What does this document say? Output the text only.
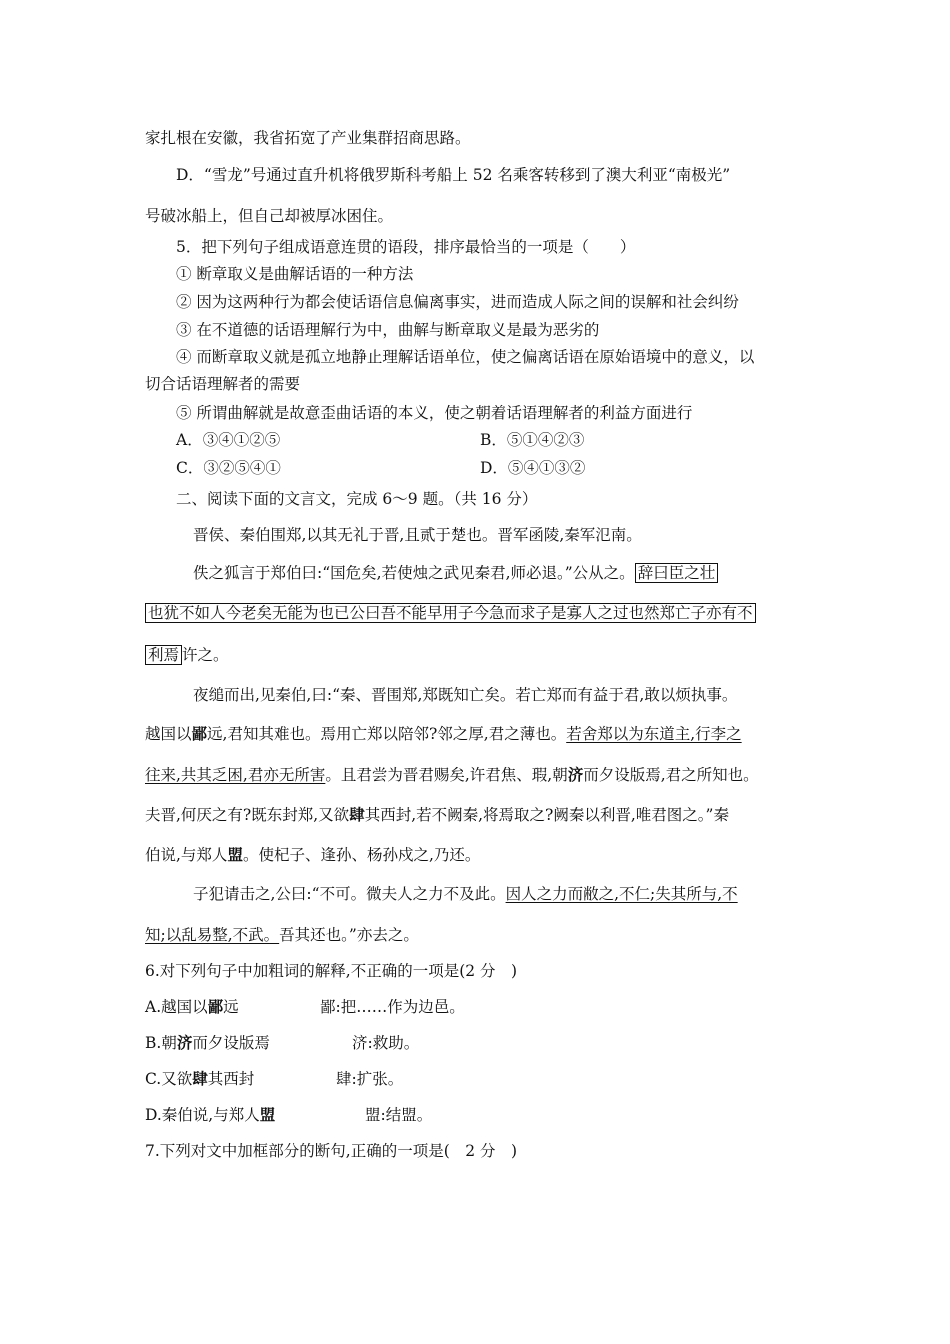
家扎根在安徽，我省拓宽了产业集群招商思路。
D．“雪龙”号通过直升机将俄罗斯科考船上 52 名乘客转移到了澳大利亚“南极光”
号破冰船上，但自己却被厚冰困住。
5．把下列句子组成语意连贯的语段，排序最恰当的一项是（　　）
① 断章取义是曲解话语的一种方法
② 因为这两种行为都会使话语信息偏离事实，进而造成人际之间的误解和社会纠纷
③ 在不道德的话语理解行为中，曲解与断章取义是最为恶劣的
④ 而断章取义就是孤立地静止理解话语单位，使之偏离话语在原始语境中的意义，以
切合话语理解者的需要
⑤ 所谓曲解就是故意歪曲话语的本义，使之朝着话语理解者的利益方面进行
A．③④①②⑤	B．⑤①④②③
C．③②⑤④①	D．⑤④①③②
二、阅读下面的文言文，完成 6～9 题。（共 16 分）
晋侯、秦伯围郑,以其无礼于晋,且贰于楚也。晋军函陵,秦军氾南。
佚之狐言于郑伯曰:“国危矣,若使烛之武见秦君,师必退。”公从之。 辞曰臣之壮
也犹不如人今老矣无能为也已公曰吾不能早用子今急而求子是寡人之过也然郑亡子亦有不
利焉 许之。
夜缒而出,见秦伯,曰:“秦、晋围郑,郑既知亡矣。若亡郑而有益于君,敢以烦执事。
越国以鄙远,君知其难也。焉用亡郑以陪邻?邻之厚,君之薄也。若舍郑以为东道主,行李之
往来,共其乏困,君亦无所害。且君尝为晋君赐矣,许君焦、瑕,朝济而夕设版焉,君之所知也。
夫晋,何厌之有?既东封郑,又欲肆其西封,若不阙秦,将焉取之?阙秦以利晋,唯君图之。”秦
伯说,与郑人盟。使杞子、逢孙、杨孙戍之,乃还。
子犯请击之,公曰:“不可。微夫人之力不及此。因人之力而敝之,不仁;失其所与,不
知;以乱易整,不武。吾其还也。”亦去之。
6.对下列句子中加粗词的解释,不正确的一项是(2 分　)
A.越国以鄙远	鄙:把……作为边邑。
B.朝济而夕设版焉	济:救助。
C.又欲肆其西封	肆:扩张。
D.秦伯说,与郑人盟	盟:结盟。
7.下列对文中加框部分的断句,正确的一项是(　2 分　)
